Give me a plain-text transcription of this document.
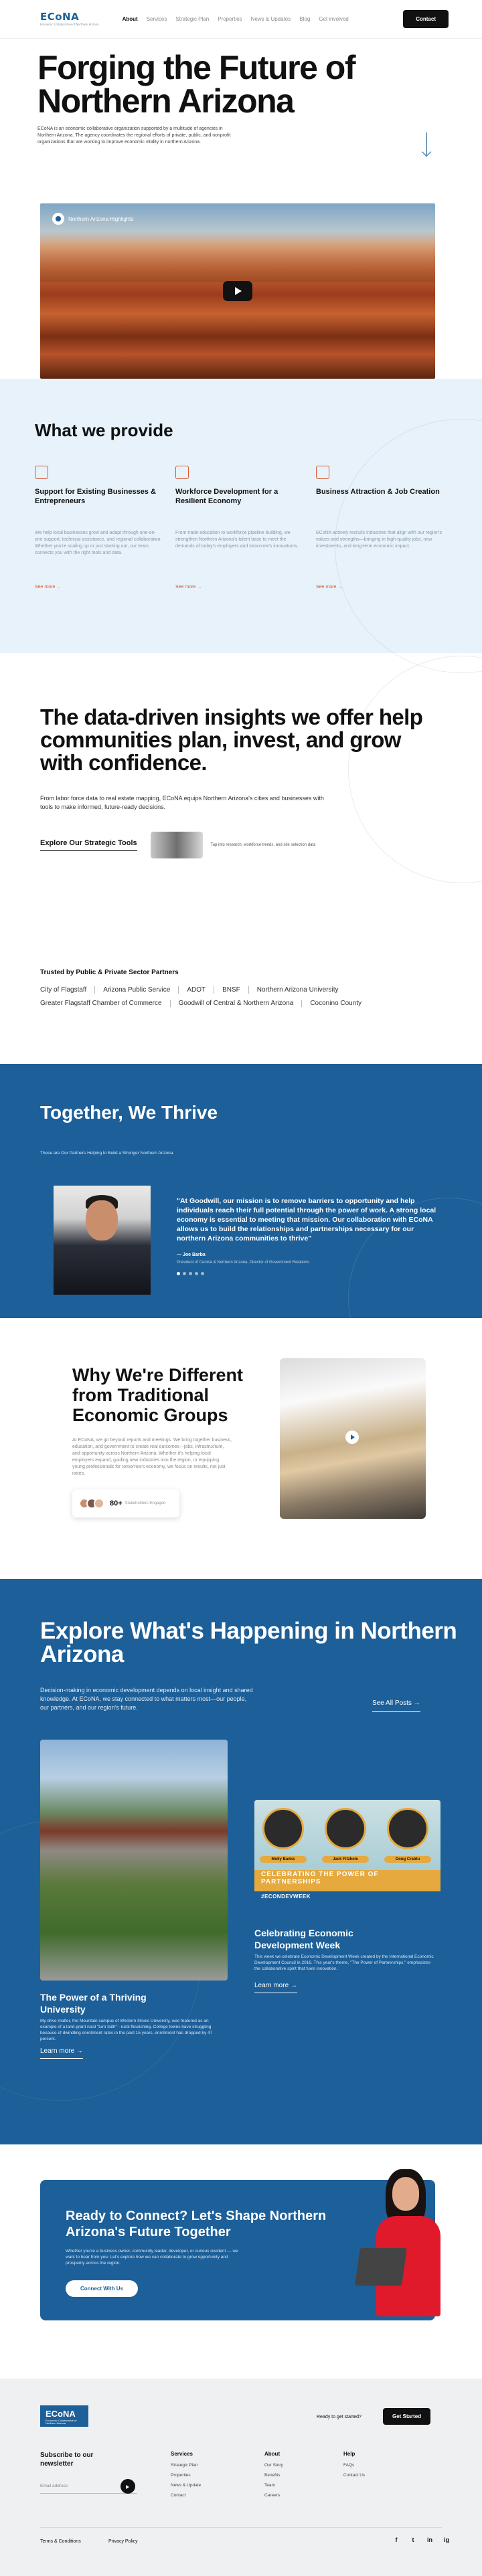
ECoNA
Economic Collaborative of Northern Arizona
About Services Strategic Plan Properties News & Updates Blog Get involved	Contact
Forging the Future of Northern Arizona

ECoNA is an economic collaborative organization supported by a multitude of agencies in Northern Arizona. The agency coordinates the regional efforts of private, public, and nonprofit organizations that are working to improve economic vitality in northern Arizona.

Northern Arizona Highlights
What we provide
Support for Existing Businesses & Entrepreneurs

We help local businesses grow and adapt through one-on-one support, technical assistance, and regional collaboration. Whether you're scaling up or just starting out, our team connects you with the right tools and data.

See more →
Workforce Development for a Resilient Economy

From trade education to workforce pipeline building, we strengthen Northern Arizona's talent base to meet the demands of today's employers and tomorrow's innovations.

See more →
Business Attraction & Job Creation

ECoNA actively recruits industries that align with our region's values and strengths—bringing in high-quality jobs, new investments, and long-term economic impact.

See more →
The data-driven insights we offer help communities plan, invest, and grow with confidence.

From labor force data to real estate mapping, ECoNA equips Northern Arizona's cities and businesses with tools to make informed, future-ready decisions.

Explore Our Strategic Tools	Tap into research, workforce trends, and site selection data
Trusted by Public & Private Sector Partners
City of Flagstaff	Arizona Public Service	ADOT	BNSF	Northern Arizona University
Greater Flagstaff Chamber of Commerce	Goodwill of Central & Northern Arizona	Coconino County
Together, We Thrive
These are Our Partners Helping to Build a Stronger Northern Arizona
"At Goodwill, our mission is to remove barriers to opportunity and help individuals reach their full potential through the power of work. A strong local economy is essential to meeting that mission. Our collaboration with ECoNA allows us to build the relationships and partnerships necessary for our northern Arizona communities to thrive"
— Joe Barba
President of Central & Northern Arizona, Director of Government Relations
Why We're Different from Traditional Economic Groups

At ECoNA, we go beyond reports and meetings. We bring together business, education, and government to create real outcomes—jobs, infrastructure, and opportunity across Northern Arizona. Whether it's helping local employers expand, guiding new industries into the region, or equipping young professionals for tomorrow's economy, we focus on results, not just notes.

80+ Stakeholders Engaged
Explore What's Happening in Northern Arizona
Decision-making in economic development depends on local insight and shared knowledge. At ECoNA, we stay connected to what matters most—our people, our partners, and our region's future.
See All Posts →
The Power of a Thriving University
My drive matter, the Mountain campus of Western Illinois University, was featured as an example of a land-grant rural "turn faith" - rural flourishing. College towns have struggling because of dwindling enrollment rates in the past 15 years, enrollment has dropped by 47 percent.
Learn more →
Molly Banks	Jack Fitzhole	Doug Crabtu
CELEBRATING THE POWER OF PARTNERSHIPS
#ECONDEVWEEK
Celebrating Economic Development Week
This week we celebrate Economic Development Week created by the International Economic Development Council in 2016. This year's theme, "The Power of Partnerships," emphasizes the collaborative spirit that fuels innovation.
Learn more →
Ready to Connect? Let's Shape Northern Arizona's Future Together

Whether you're a business owner, community leader, developer, or curious resident — we want to hear from you. Let's explore how we can collaborate to grow opportunity and prosperity across the region.

Connect With Us
ECoNA
Economic Collaborative of Northern Arizona
Ready to get started?	Get Started
Subscribe to our newsletter
Email address
Services
Strategic Plan
Properties
News & Update
Contact
About
Our Story
Benefits
Team
Careers
Help
FAQs
Contact Us
Terms & Conditions	Privacy Policy	f	t	in ig
